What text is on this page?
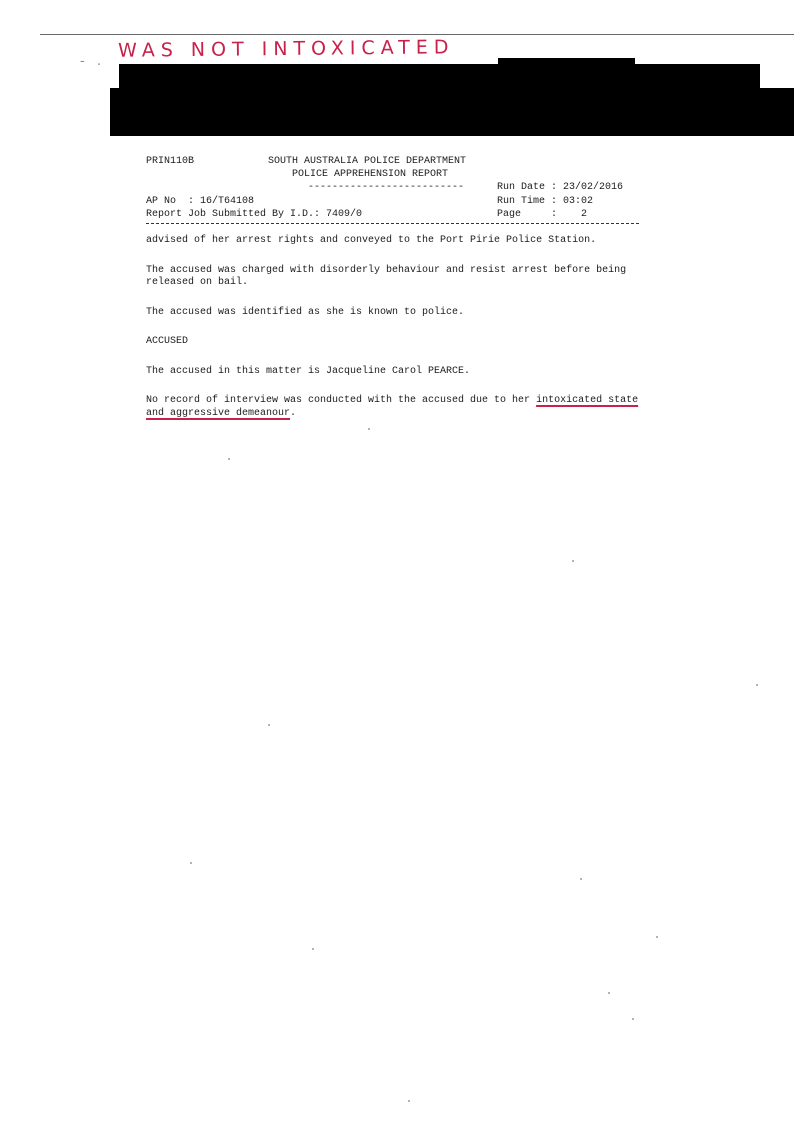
- . WAS NOT INTOXICATED
PRIN110B	SOUTH AUSTRALIA POLICE DEPARTMENT
POLICE APPREHENSION REPORT
--------------------------
AP No  : 16/T64108
Report Job Submitted By I.D.: 7409/0
Run Date : 23/02/2016
Run Time : 03:02
Page     :    2

advised of her arrest rights and conveyed to the Port Pirie Police Station.

The accused was charged with disorderly behaviour and resist arrest before being released on bail.

The accused was identified as she is known to police.

ACCUSED

The accused in this matter is Jacqueline Carol PEARCE.

No record of interview was conducted with the accused due to her intoxicated state and aggressive demeanour.
